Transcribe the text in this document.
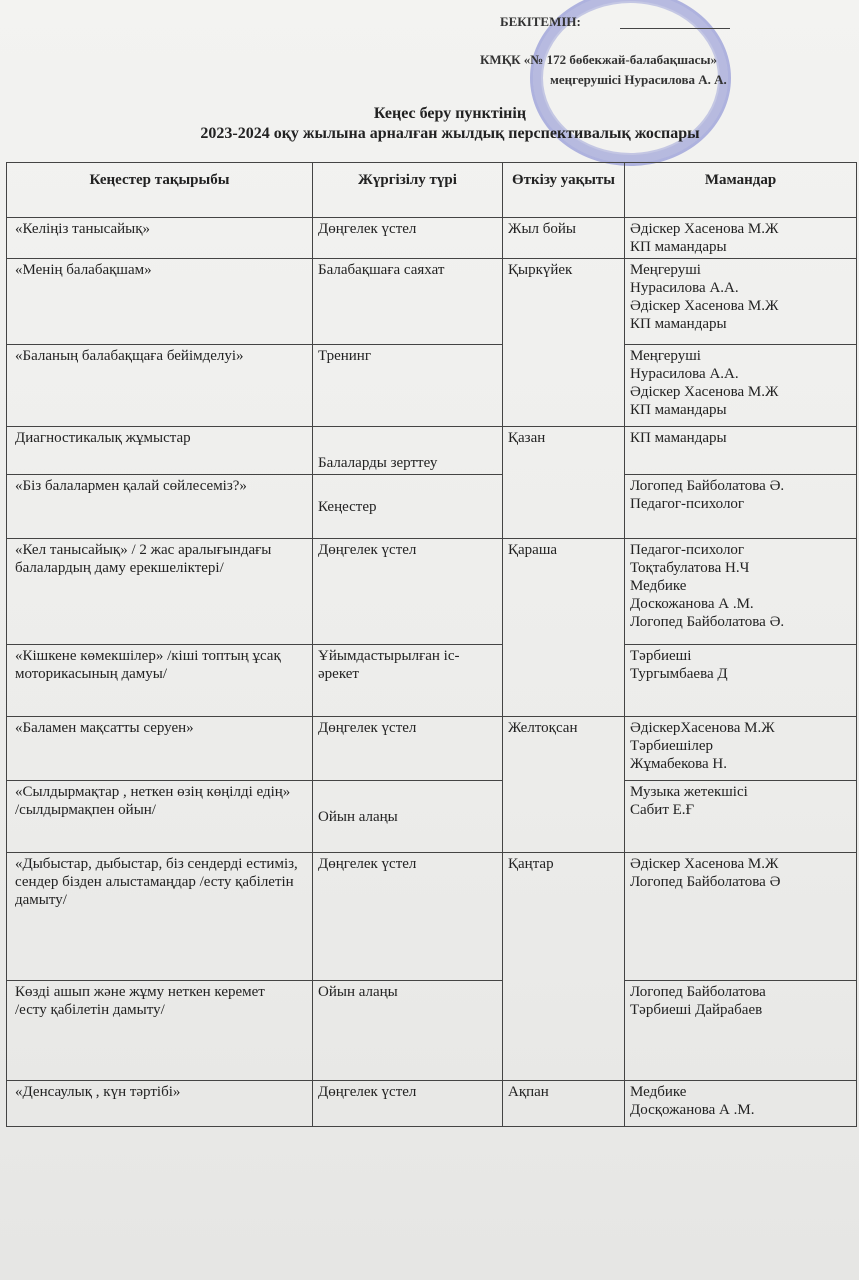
БЕКІТЕМІН:
КМҚК «№ 172 бөбекжай-балабақшасы»
меңгерушісі Нурасилова А. А.
Кеңес беру пунктінің
2023-2024 оқу жылына арналған жылдық перспективалық жоспары
Кеңестер тақырыбы	Жүргізілу түрі	Өткізу уақыты	Мамандар
«Келіңіз танысайық»	Дөңгелек үстел	Жыл бойы	Әдіскер Хасенова М.Ж
КП мамандары
«Менің балабақшам»	Балабақшаға саяхат	Қыркүйек	Меңгеруші
Нурасилова А.А.
Әдіскер Хасенова М.Ж
КП мамандары
«Баланың балабақщаға бейімделуі»	Тренинг		Меңгеруші
Нурасилова А.А.
Әдіскер Хасенова М.Ж
КП мамандары
Диагностикалық жұмыстар	Балаларды зерттеу	Қазан	КП мамандары
«Біз балалармен қалай сөйлесеміз?»	Кеңестер		Логопед Байболатова Ә.
Педагог-психолог
«Кел танысайық» / 2 жас аралығындағы балалардың даму ерекшеліктері/	Дөңгелек үстел	Қараша	Педагог-психолог
Тоқтабулатова Н.Ч
Медбике
Доскожанова А .М.
Логопед Байболатова Ә.
«Кішкене көмекшілер» /кіші топтың ұсақ моторикасының дамуы/	Ұйымдастырылған іс-әрекет		Тәрбиеші
Тургымбаева Д
«Баламен мақсатты серуен»	Дөңгелек үстел	Желтоқсан	ӘдіскерХасенова М.Ж
Тәрбиешілер
Жұмабекова Н.
«Сылдырмақтар , неткен өзің көңілді едің»
/сылдырмақпен ойын/	Ойын алаңы		Музыка жетекшісі
Сабит Е.Ғ
«Дыбыстар, дыбыстар, біз сендерді естиміз, сендер бізден алыстамаңдар /есту қабілетін дамыту/	Дөңгелек үстел	Қаңтар	Әдіскер Хасенова М.Ж
Логопед Байболатова Ә
Көзді ашып және жұму неткен керемет
/есту қабілетін дамыту/	Ойын алаңы		Логопед Байболатова
Тәрбиеші Дайрабаев
«Денсаулық , күн тәртібі»	Дөңгелек үстел	Ақпан	Медбике
Досқожанова А .М.
